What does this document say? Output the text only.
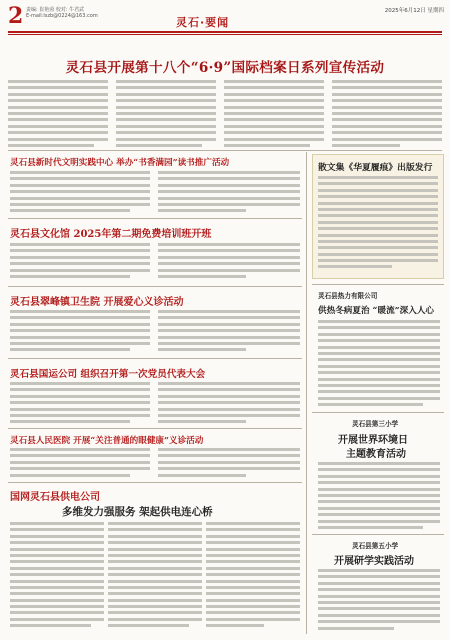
2 责编: 崔艳茵 校对: 牛君武
E-mail:lszb@0224@163.com
2025年6月12日 星期四
灵石·要闻
灵石县开展第十八个“6·9”国际档案日系列宣传活动
灵石县新时代文明实践中心 举办“书香满园”读书推广活动
灵石县文化馆 2025年第二期免费培训班开班
灵石县翠峰镇卫生院 开展爱心义诊活动
灵石县国运公司 组织召开第一次党员代表大会
灵石县人民医院 开展“关注普通的眼健康”义诊活动
国网灵石县供电公司
多维发力强服务 架起供电连心桥
散文集《华夏履痕》出版发行
灵石县热力有限公司
供热冬病夏治 “暖流”深入人心
灵石县第三小学
开展世界环境日
主题教育活动
灵石县第五小学
开展研学实践活动
